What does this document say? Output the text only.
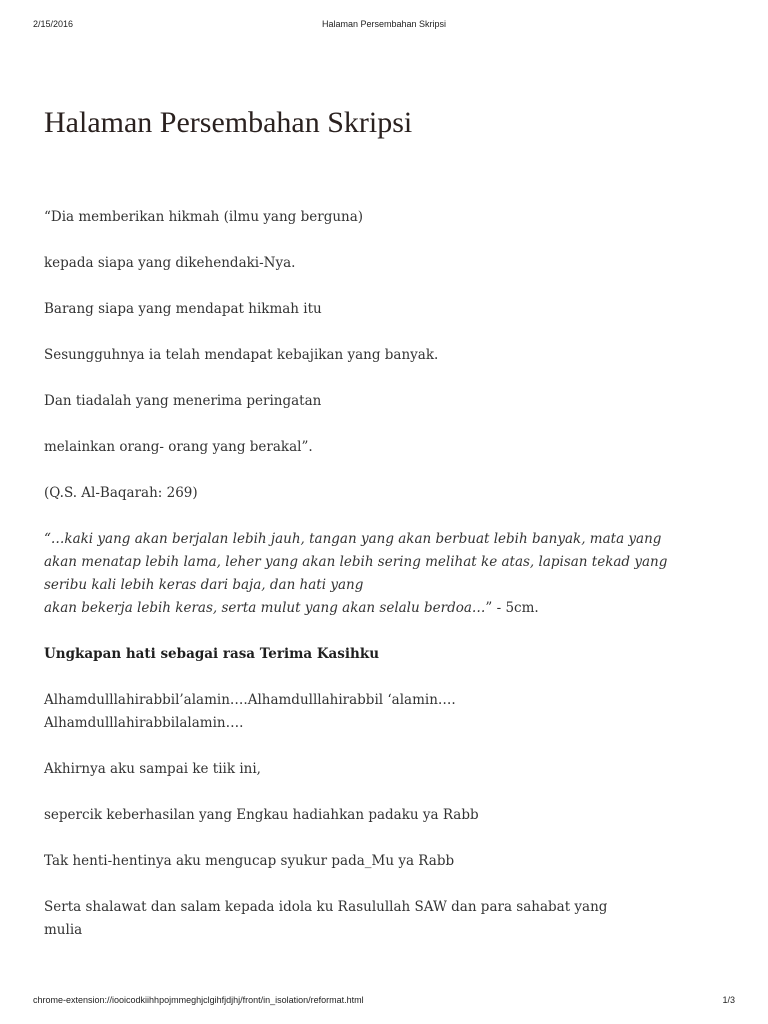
2/15/2016	Halaman Persembahan Skripsi
Halaman Persembahan Skripsi

“Dia memberikan hikmah (ilmu yang berguna)

kepada siapa yang dikehendaki-Nya.

Barang siapa yang mendapat hikmah itu

Sesungguhnya ia telah mendapat kebajikan yang banyak.

Dan tiadalah yang menerima peringatan

melainkan orang- orang yang berakal”.

(Q.S. Al-Baqarah: 269)

“…kaki yang akan berjalan lebih jauh, tangan yang akan berbuat lebih banyak, mata yang
akan menatap lebih lama, leher yang akan lebih sering melihat ke atas, lapisan tekad yang
seribu kali lebih keras dari baja, dan hati yang
akan bekerja lebih keras, serta mulut yang akan selalu berdoa…” - 5cm.

Ungkapan hati sebagai rasa Terima Kasihku

Alhamdulllahirabbil’alamin….Alhamdulllahirabbil ‘alamin….
Alhamdulllahirabbilalamin….

Akhirnya aku sampai ke tiik ini,

sepercik keberhasilan yang Engkau hadiahkan padaku ya Rabb

Tak henti-hentinya aku mengucap syukur pada_Mu ya Rabb

Serta shalawat dan salam kepada idola ku Rasulullah SAW dan para sahabat yang
mulia

chrome-extension://iooicodkiihhpojmmeghjclgihfjdjhj/front/in_isolation/reformat.html	1/3
